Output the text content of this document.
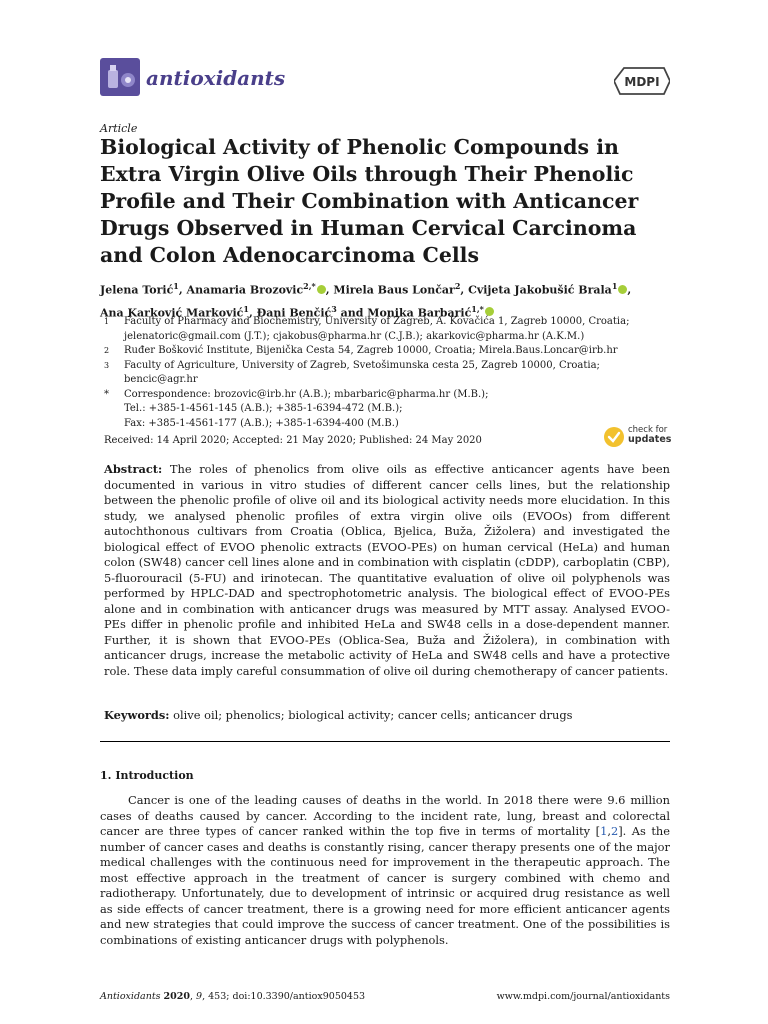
antioxidants	MDPI
Article
Biological Activity of Phenolic Compounds in Extra Virgin Olive Oils through Their Phenolic Profile and Their Combination with Anticancer Drugs Observed in Human Cervical Carcinoma and Colon Adenocarcinoma Cells
Jelena Torić$^1$, Anamaria Brozovic$^{2,*}$ , Mirela Baus Lončar$^2$, Cvijeta Jakobušić Brala$^1$ ,
Ana Karković Marković$^1$, Đani Benčić$^3$ and Monika Barbarić$^{1,*}$
1 Faculty of Pharmacy and Biochemistry, University of Zagreb, A. Kovačića 1, Zagreb 10000, Croatia;
jelenatoric@gmail.com (J.T.); cjakobus@pharma.hr (C.J.B.); akarkovic@pharma.hr (A.K.M.)
2 Ruđer Bošković Institute, Bijenička Cesta 54, Zagreb 10000, Croatia; Mirela.Baus.Loncar@irb.hr
3 Faculty of Agriculture, University of Zagreb, Svetošimunska cesta 25, Zagreb 10000, Croatia; bencic@agr.hr
* Correspondence: brozovic@irb.hr (A.B.); mbarbaric@pharma.hr (M.B.);
Tel.: +385-1-4561-145 (A.B.); +385-1-6394-472 (M.B.);
Fax: +385-1-4561-177 (A.B.); +385-1-6394-400 (M.B.)
Received: 14 April 2020; Accepted: 21 May 2020; Published: 24 May 2020
check for
updates

Abstract: The roles of phenolics from olive oils as effective anticancer agents have been documented in various in vitro studies of different cancer cells lines, but the relationship between the phenolic profile of olive oil and its biological activity needs more elucidation. In this study, we analysed phenolic profiles of extra virgin olive oils (EVOOs) from different autochthonous cultivars from Croatia (Oblica, Bjelica, Buža, Žižolera) and investigated the biological effect of EVOO phenolic extracts (EVOO-PEs) on human cervical (HeLa) and human colon (SW48) cancer cell lines alone and in combination with cisplatin (cDDP), carboplatin (CBP), 5-fluorouracil (5-FU) and irinotecan. The quantitative evaluation of olive oil polyphenols was performed by HPLC-DAD and spectrophotometric analysis. The biological effect of EVOO-PEs alone and in combination with anticancer drugs was measured by MTT assay. Analysed EVOO-PEs differ in phenolic profile and inhibited HeLa and SW48 cells in a dose-dependent manner. Further, it is shown that EVOO-PEs (Oblica-Sea, Buža and Žižolera), in combination with anticancer drugs, increase the metabolic activity of HeLa and SW48 cells and have a protective role. These data imply careful consummation of olive oil during chemotherapy of cancer patients.

Keywords: olive oil; phenolics; biological activity; cancer cells; anticancer drugs
1. Introduction

Cancer is one of the leading causes of deaths in the world. In 2018 there were 9.6 million cases of deaths caused by cancer. According to the incident rate, lung, breast and colorectal cancer are three types of cancer ranked within the top five in terms of mortality [1,2]. As the number of cancer cases and deaths is constantly rising, cancer therapy presents one of the major medical challenges with the continuous need for improvement in the therapeutic approach. The most effective approach in the treatment of cancer is surgery combined with chemo and radiotherapy. Unfortunately, due to development of intrinsic or acquired drug resistance as well as side effects of cancer treatment, there is a growing need for more efficient anticancer agents and new strategies that could improve the success of cancer treatment. One of the possibilities is combinations of existing anticancer drugs with polyphenols.

Antioxidants 2020, 9, 453; doi:10.3390/antiox9050453	www.mdpi.com/journal/antioxidants
